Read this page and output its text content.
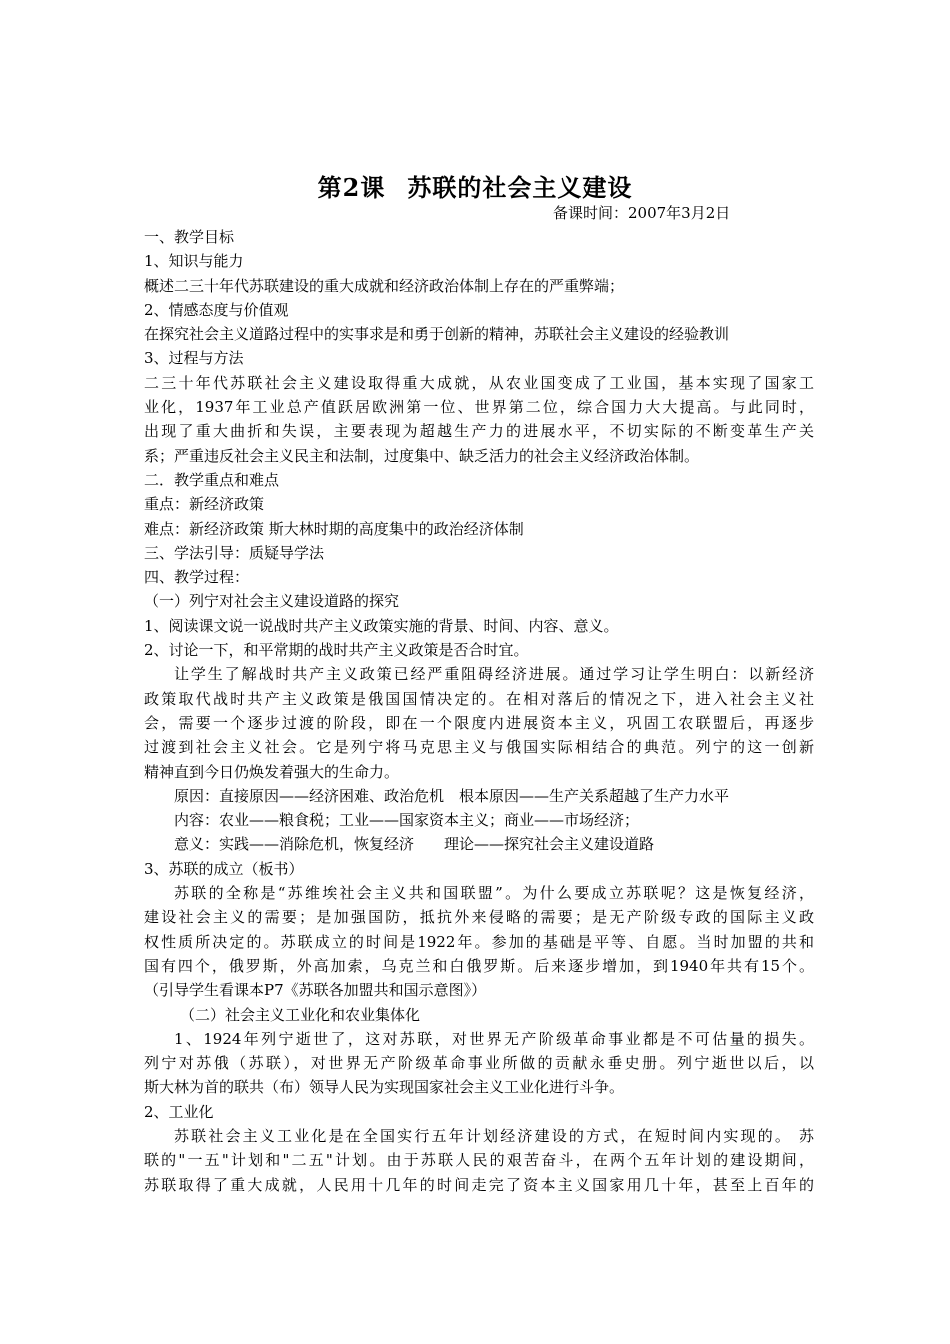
第2课 苏联的社会主义建设
备课时间：2007年3月2日
一、教学目标
1、知识与能力
概述二三十年代苏联建设的重大成就和经济政治体制上存在的严重弊端；
2、情感态度与价值观
在探究社会主义道路过程中的实事求是和勇于创新的精神，苏联社会主义建设的经验教训
3、过程与方法
二三十年代苏联社会主义建设取得重大成就，从农业国变成了工业国，基本实现了国家工
业化，1937年工业总产值跃居欧洲第一位、世界第二位，综合国力大大提高。与此同时，
出现了重大曲折和失误，主要表现为超越生产力的进展水平，不切实际的不断变革生产关
系；严重违反社会主义民主和法制，过度集中、缺乏活力的社会主义经济政治体制。
二．教学重点和难点
重点：新经济政策
难点：新经济政策 斯大林时期的高度集中的政治经济体制
三、学法引导：质疑导学法
四、教学过程：
（一）列宁对社会主义建设道路的探究
1、阅读课文说一说战时共产主义政策实施的背景、时间、内容、意义。
2、讨论一下，和平常期的战时共产主义政策是否合时宜。
让学生了解战时共产主义政策已经严重阻碍经济进展。通过学习让学生明白：以新经济
政策取代战时共产主义政策是俄国国情决定的。在相对落后的情况之下，进入社会主义社
会，需要一个逐步过渡的阶段，即在一个限度内进展资本主义，巩固工农联盟后，再逐步
过渡到社会主义社会。它是列宁将马克思主义与俄国实际相结合的典范。列宁的这一创新
精神直到今日仍焕发着强大的生命力。
原因：直接原因——经济困难、政治危机　根本原因——生产关系超越了生产力水平
内容：农业——粮食税；工业——国家资本主义；商业——市场经济；
意义：实践——消除危机，恢复经济　　理论——探究社会主义建设道路
3、苏联的成立（板书）
苏联的全称是“苏维埃社会主义共和国联盟”。为什么要成立苏联呢？这是恢复经济，
建设社会主义的需要；是加强国防，抵抗外来侵略的需要；是无产阶级专政的国际主义政
权性质所决定的。苏联成立的时间是1922年。参加的基础是平等、自愿。当时加盟的共和
国有四个，俄罗斯，外高加索，乌克兰和白俄罗斯。后来逐步增加，到1940年共有15个。
（引导学生看课本P7《苏联各加盟共和国示意图》）
（二）社会主义工业化和农业集体化
1、1924年列宁逝世了，这对苏联，对世界无产阶级革命事业都是不可估量的损失。
列宁对苏俄（苏联），对世界无产阶级革命事业所做的贡献永垂史册。列宁逝世以后，以
斯大林为首的联共（布）领导人民为实现国家社会主义工业化进行斗争。
2、工业化
苏联社会主义工业化是在全国实行五年计划经济建设的方式，在短时间内实现的。 苏
联的"一五"计划和"二五"计划。由于苏联人民的艰苦奋斗，在两个五年计划的建设期间，
苏联取得了重大成就，人民用十几年的时间走完了资本主义国家用几十年，甚至上百年的
